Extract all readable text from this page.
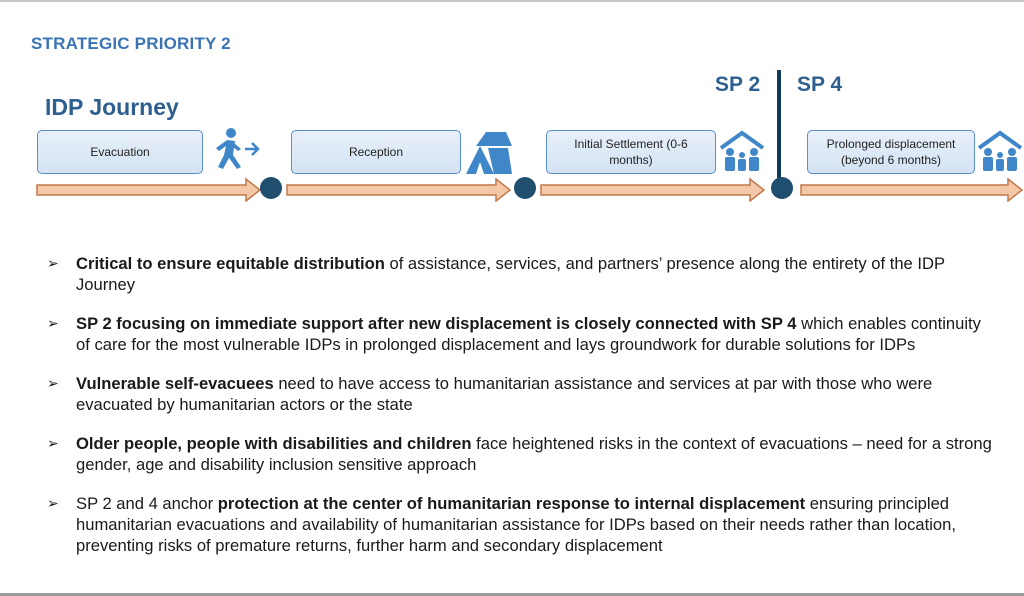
STRATEGIC PRIORITY 2
IDP Journey
SP 2 SP 4
Evacuation	Reception
Initial Settlement (0-6 months)
Prolonged displacement (beyond 6 months)
➢ Critical to ensure equitable distribution of assistance, services, and partners’ presence along the entirety of the IDP Journey
➢ SP 2 focusing on immediate support after new displacement is closely connected with SP 4 which enables continuity of care for the most vulnerable IDPs in prolonged displacement and lays groundwork for durable solutions for IDPs
➢ Vulnerable self-evacuees need to have access to humanitarian assistance and services at par with those who were evacuated by humanitarian actors or the state
➢ Older people, people with disabilities and children face heightened risks in the context of evacuations – need for a strong gender, age and disability inclusion sensitive approach
➢ SP 2 and 4 anchor protection at the center of humanitarian response to internal displacement ensuring principled humanitarian evacuations and availability of humanitarian assistance for IDPs based on their needs rather than location, preventing risks of premature returns, further harm and secondary displacement
